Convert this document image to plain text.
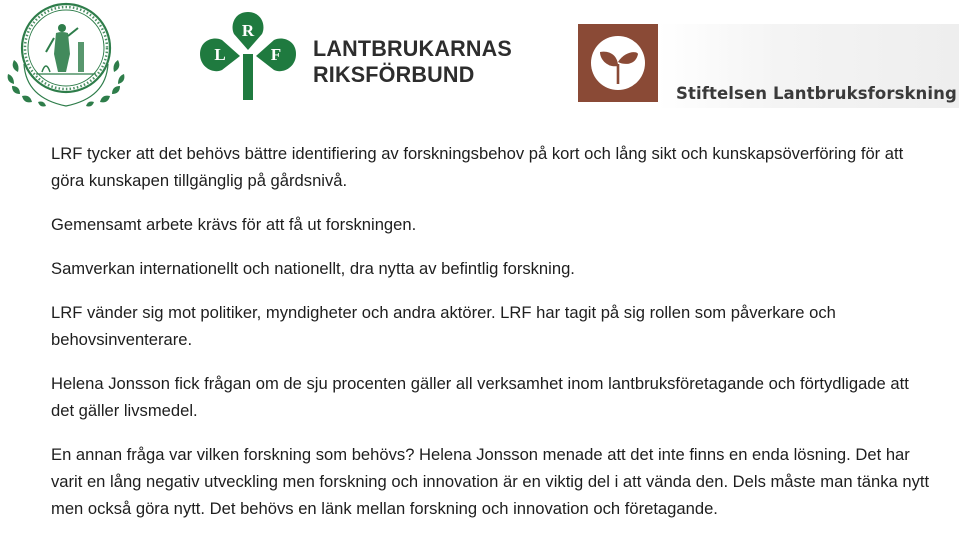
R
L	F LANTBRUKARNAS
RIKSFÖRBUND
Stiftelsen Lantbruksforskning

LRF tycker att det behövs bättre identifiering av forskningsbehov på kort och lång sikt och kunskapsöverföring för att göra kunskapen tillgänglig på gårdsnivå.

Gemensamt arbete krävs för att få ut forskningen.

Samverkan internationellt och nationellt, dra nytta av befintlig forskning.

LRF vänder sig mot politiker, myndigheter och andra aktörer. LRF har tagit på sig rollen som påverkare och behovsinventerare.

Helena Jonsson fick frågan om de sju procenten gäller all verksamhet inom lantbruksföretagande och förtydligade att det gäller livsmedel.

En annan fråga var vilken forskning som behövs? Helena Jonsson menade att det inte finns en enda lösning. Det har varit en lång negativ utveckling men forskning och innovation är en viktig del i att vända den. Dels måste man tänka nytt men också göra nytt. Det behövs en länk mellan forskning och innovation och företagande.
